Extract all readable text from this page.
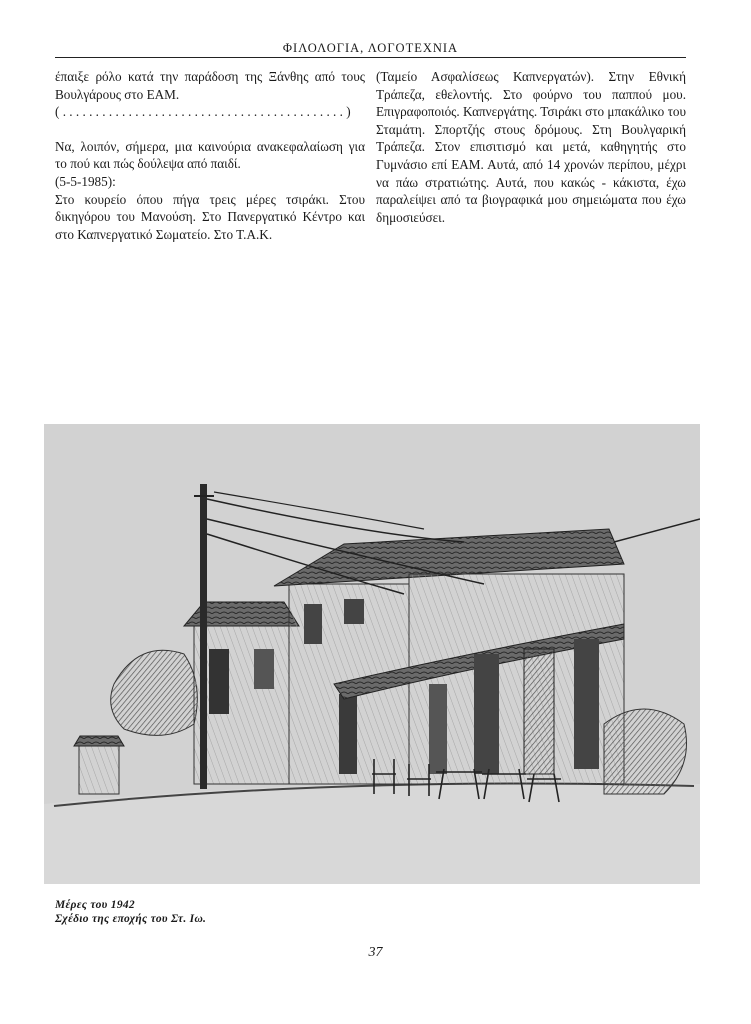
ΦΙΛΟΛΟΓΙΑ, ΛΟΓΟΤΕΧΝΙΑ

έπαιξε ρόλο κατά την παράδοση της Ξάνθης από τους Βουλγάρους στο ΕΑΜ.

( . . . . . . . . . . . . . . . . . . . . . . . . . . . . . . . . . . . . . . . . . . . )

Να, λοιπόν, σήμερα, μια καινούρια ανακεφαλαίωση για το πού και πώς δούλεψα από παιδί.

(5-5-1985):

Στο κουρείο όπου πήγα τρεις μέρες τσιράκι. Στου δικηγόρου του Μανούση. Στο Πανεργατικό Κέντρο και στο Καπνεργατικό Σωματείο. Στο Τ.Α.Κ.

(Ταμείο Ασφαλίσεως Καπνεργατών). Στην Εθνική Τράπεζα, εθελοντής. Στο φούρνο του παππού μου. Επιγραφοποιός. Καπνεργάτης. Τσιράκι στο μπακάλικο του Σταμάτη. Σπορτζής στους δρόμους. Στη Βουλγαρική Τράπεζα. Στον επισιτισμό και μετά, καθηγητής στο Γυμνάσιο επί ΕΑΜ. Αυτά, από 14 χρονών περίπου, μέχρι να πάω στρατιώτης. Αυτά, που κακώς - κάκιστα, έχω παραλείψει από τα βιογραφικά μου σημειώματα που έχω δημοσιεύσει.

Μέρες του 1942
Σχέδιο της εποχής του Στ. Ιω.
37
